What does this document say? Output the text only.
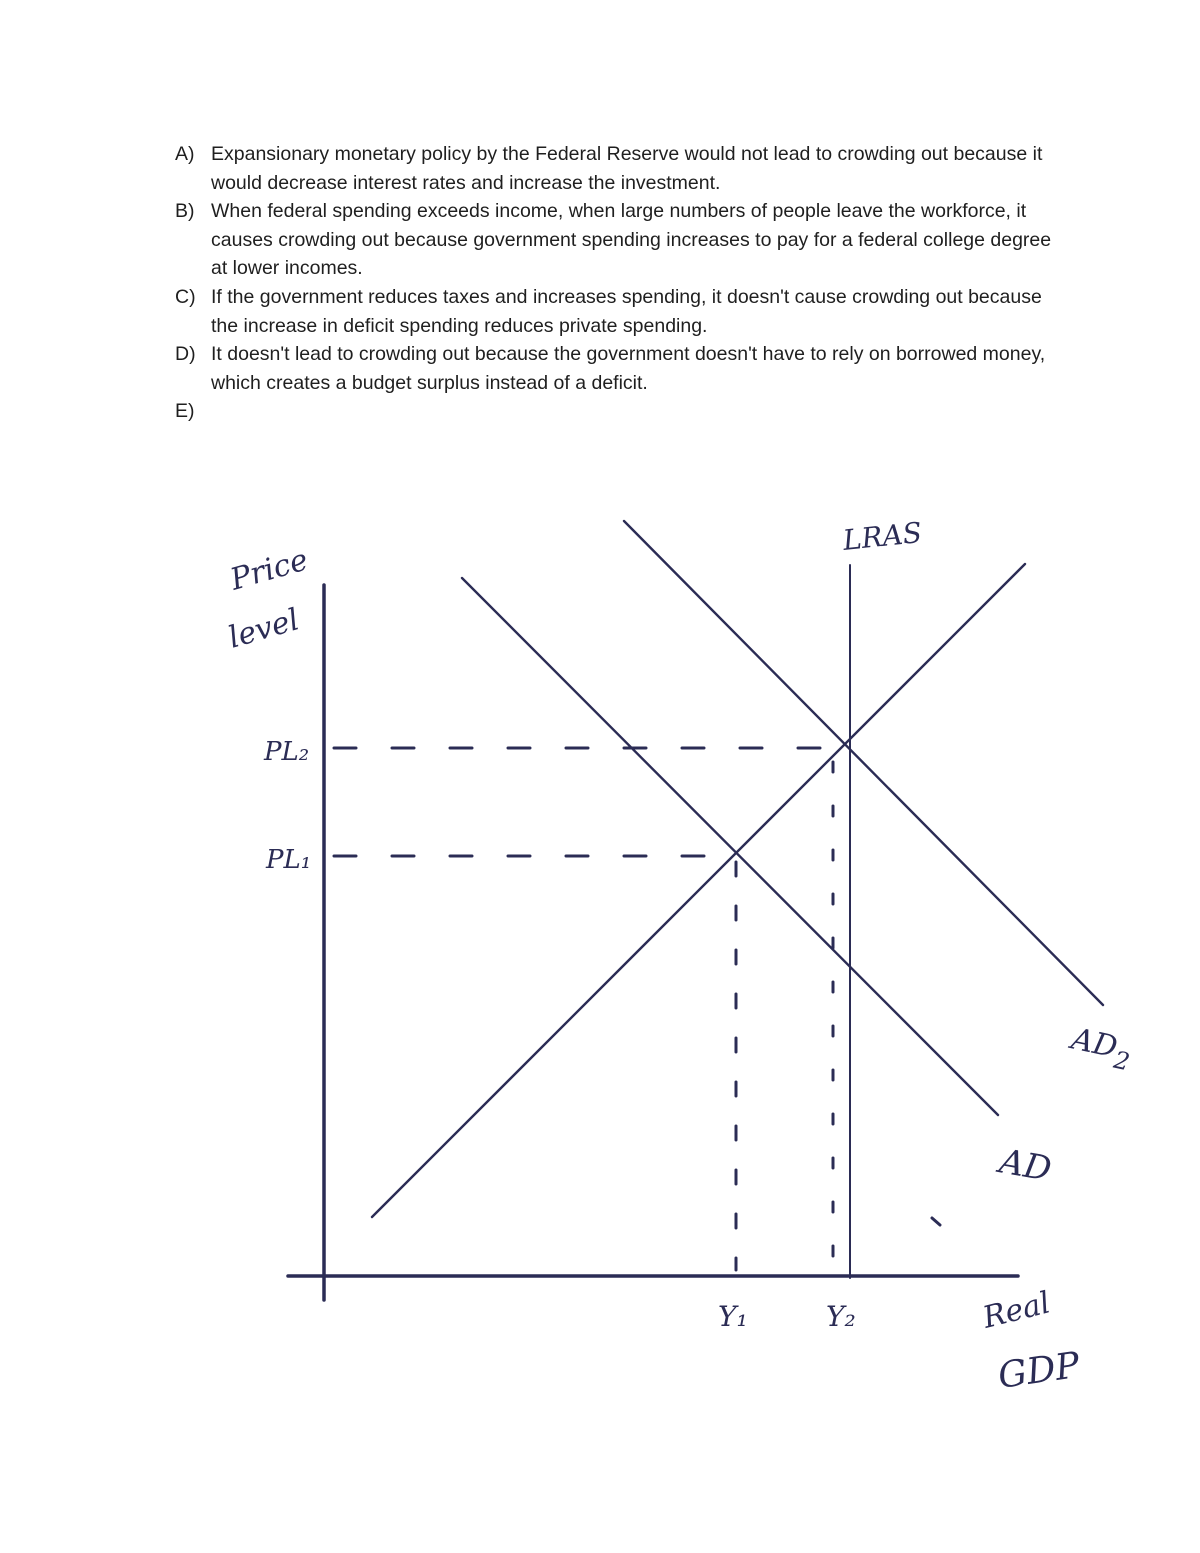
A) Expansionary monetary policy by the Federal Reserve would not lead to crowding out because it would decrease interest rates and increase the investment.
B) When federal spending exceeds income, when large numbers of people leave the workforce, it causes crowding out because government spending increases to pay for a federal college degree at lower incomes.
C) If the government reduces taxes and increases spending, it doesn't cause crowding out because the increase in deficit spending reduces private spending.
D) It doesn't lead to crowding out because the government doesn't have to rely on borrowed money, which creates a budget surplus instead of a deficit.
E)
Price
level
LRAS
PL₂
PL₁
$AD_2$
AD
Y₁	Y₂	Real
GDP
